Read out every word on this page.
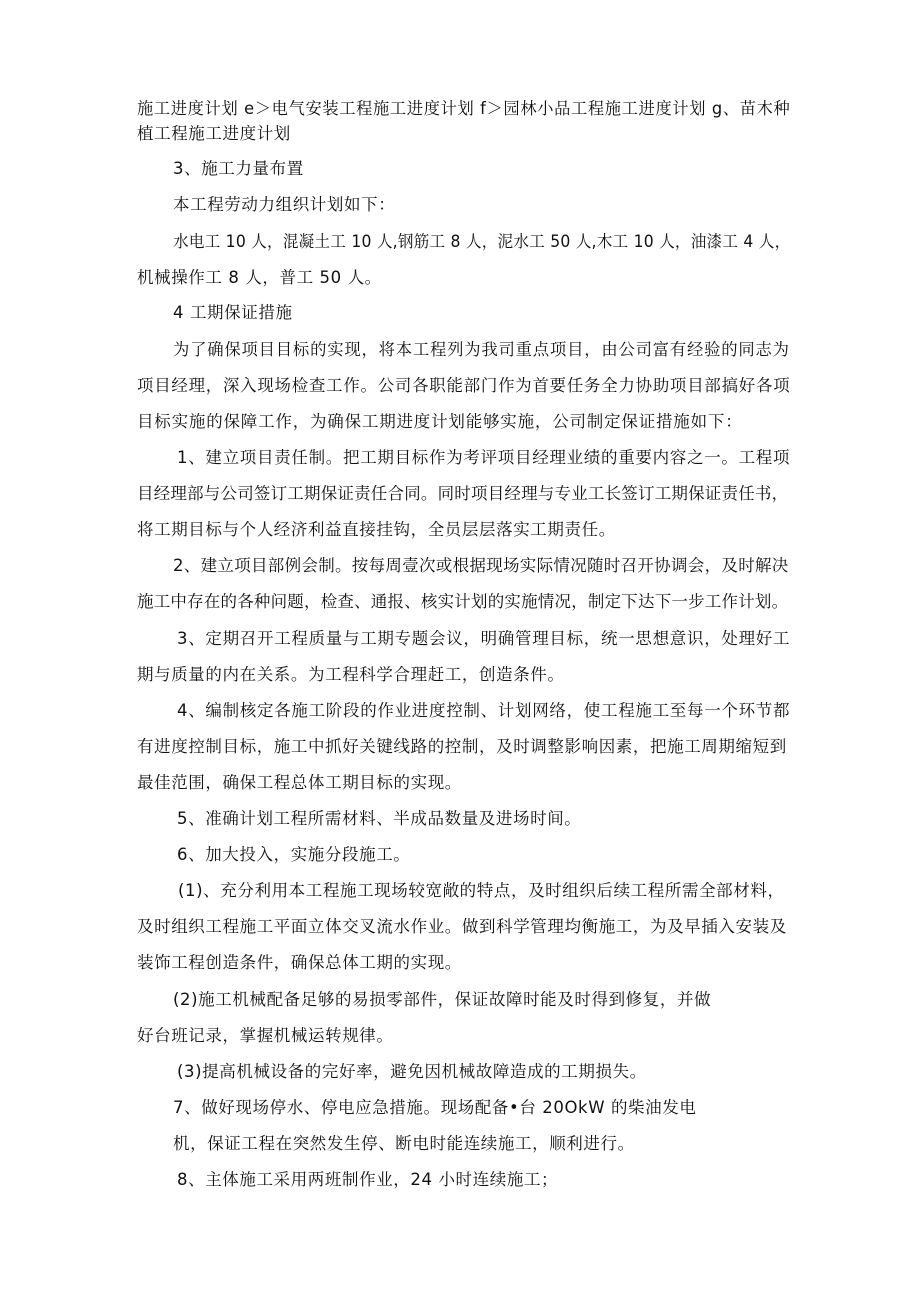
施工进度计划 e＞电气安装工程施工进度计划 f＞园林小品工程施工进度计划 g、苗木种

植工程施工进度计划

3、施工力量布置

本工程劳动力组织计划如下：

水电工 10 人，混凝土工 10 人,钢筋工 8 人，泥水工 50 人,木工 10 人，油漆工 4 人，

机械操作工 8 人，普工 50 人。

4 工期保证措施

为了确保项目目标的实现，将本工程列为我司重点项目，由公司富有经验的同志为

项目经理，深入现场检查工作。公司各职能部门作为首要任务全力协助项目部搞好各项

目标实施的保障工作，为确保工期进度计划能够实施，公司制定保证措施如下：

1、建立项目责任制。把工期目标作为考评项目经理业绩的重要内容之一。工程项

目经理部与公司签订工期保证责任合同。同时项目经理与专业工长签订工期保证责任书，

将工期目标与个人经济利益直接挂钩，全员层层落实工期责任。

2、建立项目部例会制。按每周壹次或根据现场实际情况随时召开协调会，及时解决

施工中存在的各种问题，检查、通报、核实计划的实施情况，制定下达下一步工作计划。

3、定期召开工程质量与工期专题会议，明确管理目标，统一思想意识，处理好工

期与质量的内在关系。为工程科学合理赶工，创造条件。

4、编制核定各施工阶段的作业进度控制、计划网络，使工程施工至每一个环节都

有进度控制目标，施工中抓好关键线路的控制，及时调整影响因素，把施工周期缩短到

最佳范围，确保工程总体工期目标的实现。

5、准确计划工程所需材料、半成品数量及进场时间。

6、加大投入，实施分段施工。

(1)、充分利用本工程施工现场较宽敞的特点，及时组织后续工程所需全部材料，

及时组织工程施工平面立体交叉流水作业。做到科学管理均衡施工，为及早插入安装及

装饰工程创造条件，确保总体工期的实现。

(2)施工机械配备足够的易损零部件，保证故障时能及时得到修复，并做

好台班记录，掌握机械运转规律。

(3)提高机械设备的完好率，避免因机械故障造成的工期损失。

7、做好现场停水、停电应急措施。现场配备•台 20OkW 的柴油发电

机，保证工程在突然发生停、断电时能连续施工，顺利进行。

8、主体施工采用两班制作业，24 小时连续施工；
